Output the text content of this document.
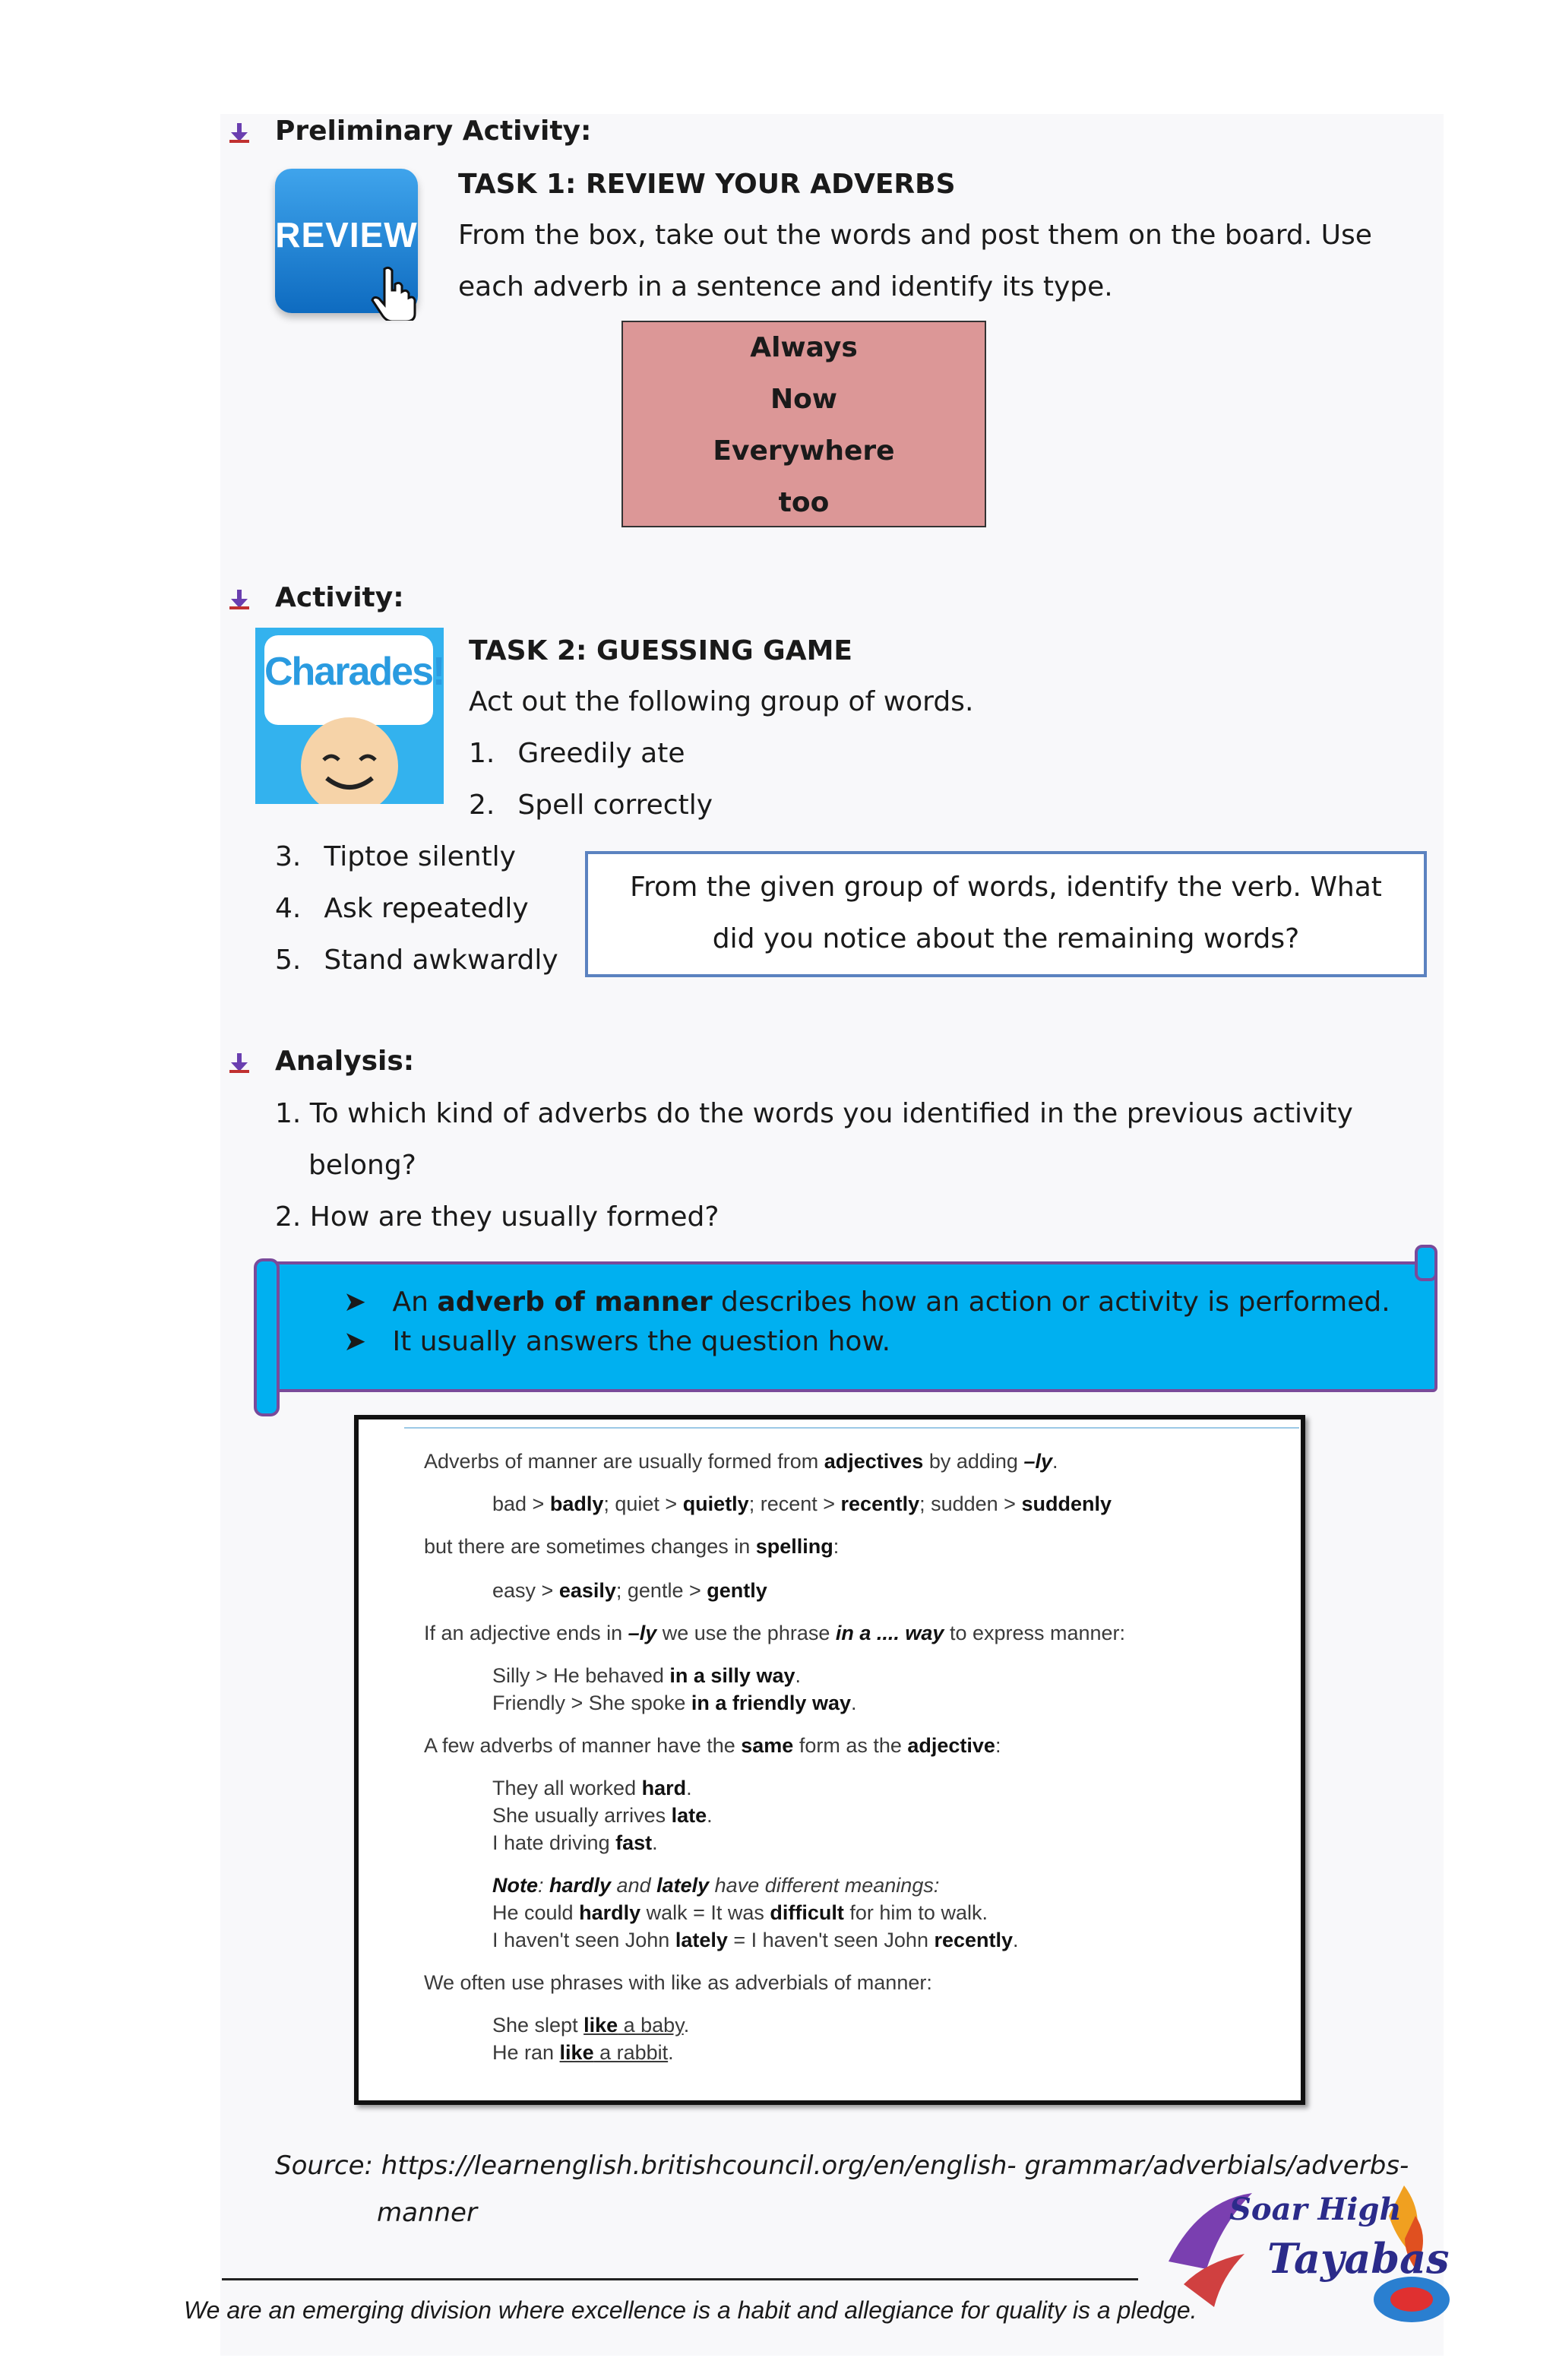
Preliminary Activity:
REVIEW
TASK 1: REVIEW YOUR ADVERBS
From the box, take out the words and post them on the board. Use
each adverb in a sentence and identify its type.
Always
Now
Everywhere
too
Activity:
Charades! TASK 2: GUESSING GAME
Act out the following group of words.
1. Greedily ate
2. Spell correctly
3. Tiptoe silently
4. Ask repeatedly
5. Stand awkwardly
From the given group of words, identify the verb. What
did you notice about the remaining words?
Analysis:
1. To which kind of adverbs do the words you identified in the previous activity
belong?
2. How are they usually formed?
➤ An adverb of manner describes how an action or activity is performed.
➤ It usually answers the question how.
Adverbs of manner are usually formed from adjectives by adding –ly.
bad > badly; quiet > quietly; recent > recently; sudden > suddenly
but there are sometimes changes in spelling:
easy > easily; gentle > gently
If an adjective ends in –ly we use the phrase in a .... way to express manner:
Silly > He behaved in a silly way.
Friendly > She spoke in a friendly way.
A few adverbs of manner have the same form as the adjective:
They all worked hard.
She usually arrives late.
I hate driving fast.
Note: hardly and lately have different meanings:
He could hardly walk = It was difficult for him to walk.
I haven't seen John lately = I haven't seen John recently.
We often use phrases with like as adverbials of manner:
She slept like a baby.
He ran like a rabbit.
Source: https://learnenglish.britishcouncil.org/en/english- grammar/adverbials/adverbs-
manner	Soar High
Tayabas
We are an emerging division where excellence is a habit and allegiance for quality is a pledge.
